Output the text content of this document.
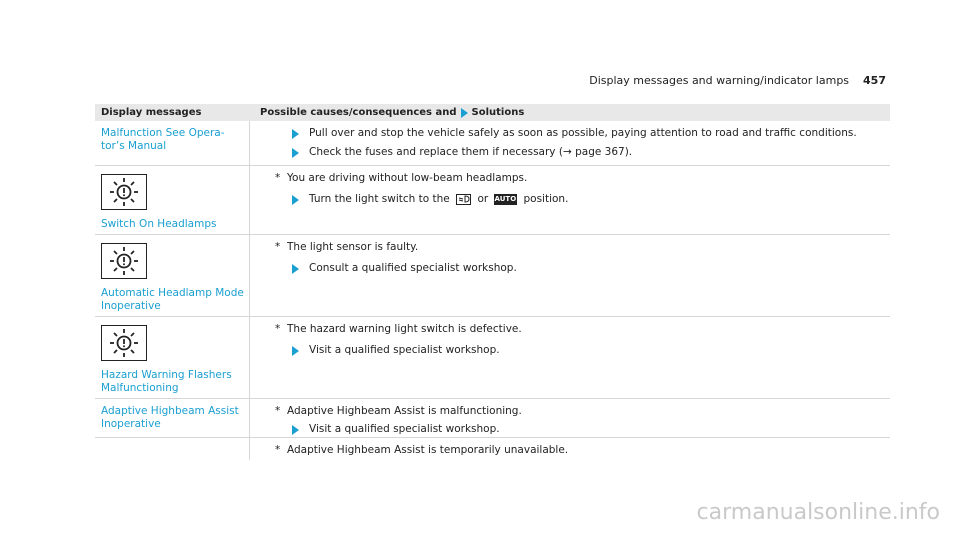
Display messages and warning/indicator lamps 457
Display messages	Possible causes/consequences and Solutions
Malfunction See Opera-
tor’s Manual
Pull over and stop the vehicle safely as soon as possible, paying attention to road and traffic conditions.
Check the fuses and replace them if necessary (→ page 367).
Switch On Headlamps
* You are driving without low-beam headlamps.
Turn the light switch to the	or AUTO position.
Automatic Headlamp Mode
Inoperative
* The light sensor is faulty.
Consult a qualified specialist workshop.
Hazard Warning Flashers
Malfunctioning
* The hazard warning light switch is defective.
Visit a qualified specialist workshop.
Adaptive Highbeam Assist
Inoperative
* Adaptive Highbeam Assist is malfunctioning.
Visit a qualified specialist workshop.
* Adaptive Highbeam Assist is temporarily unavailable.
carmanualsonline.info
